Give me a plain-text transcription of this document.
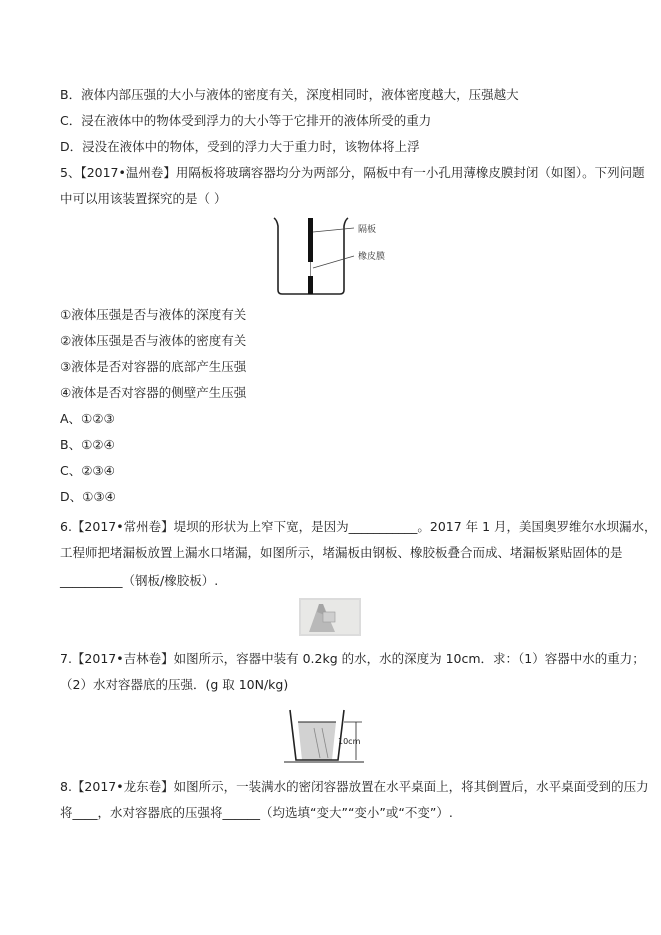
B．液体内部压强的大小与液体的密度有关，深度相同时，液体密度越大，压强越大
C．浸在液体中的物体受到浮力的大小等于它排开的液体所受的重力
D．浸没在液体中的物体，受到的浮力大于重力时，该物体将上浮
5、【2017•温州卷】用隔板将玻璃容器均分为两部分，隔板中有一小孔用薄橡皮膜封闭（如图）。下列问题
中可以用该装置探究的是（ ）
隔板
橡皮膜
①液体压强是否与液体的深度有关
②液体压强是否与液体的密度有关
③液体是否对容器的底部产生压强
④液体是否对容器的侧壁产生压强
A、①②③
B、①②④
C、②③④
D、①③④
6.【2017•常州卷】堤坝的形状为上窄下宽，是因为___________。2017 年 1 月，美国奥罗维尔水坝漏水，
工程师把堵漏板放置上漏水口堵漏，如图所示，堵漏板由钢板、橡胶板叠合而成、堵漏板紧贴固体的是
__________（钢板/橡胶板）.
7.【2017•吉林卷】如图所示，容器中装有 0.2kg 的水，水的深度为 10cm．求：（1）容器中水的重力；
（2）水对容器底的压强．(g 取 10N/kg)
10cm
8.【2017•龙东卷】如图所示，一装满水的密闭容器放置在水平桌面上，将其倒置后，水平桌面受到的压力
将____，水对容器底的压强将______（均选填“变大”“变小”或“不变”）.
